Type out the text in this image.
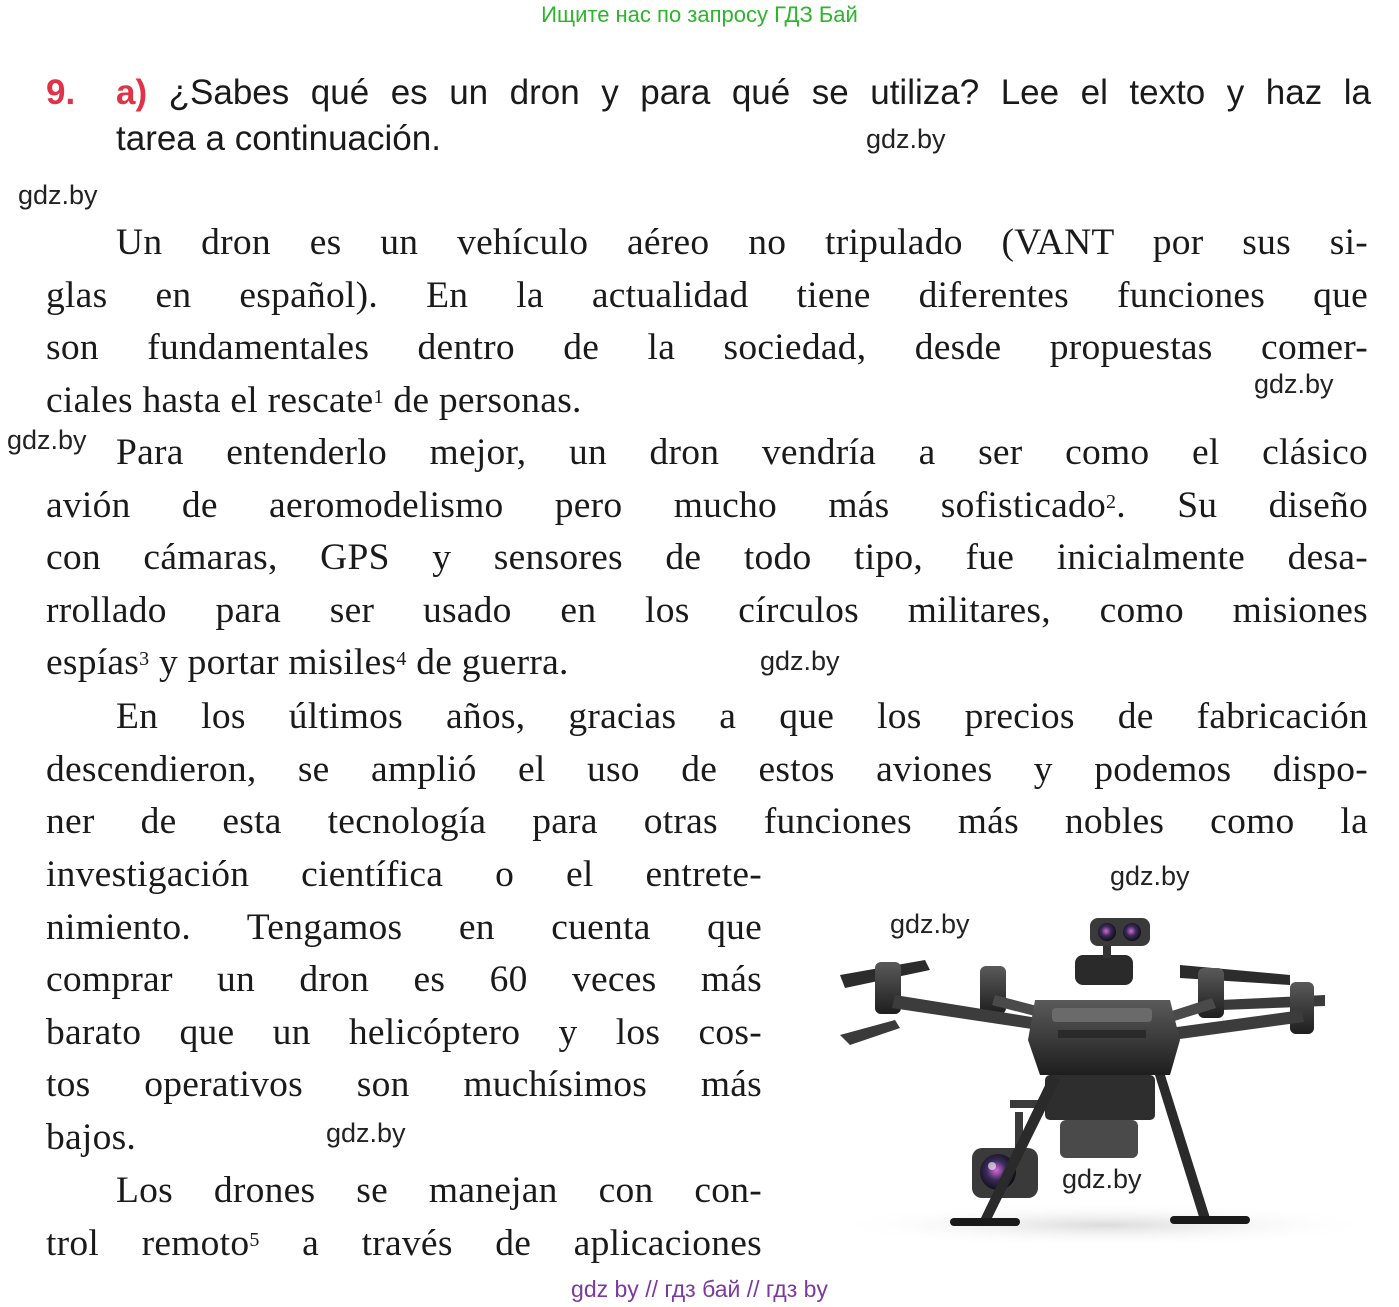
Ищите нас по запросу ГДЗ Бай
9. a) ¿Sabes qué es un dron y para qué se utiliza? Lee el texto y haz la
tarea a continuación.	gdz.by
gdz.by
gdz.by
gdz.by
gdz.by
gdz.by
gdz.by
gdz.by
Un dron es un vehículo aéreo no tripulado (VANT por sus si-
glas en español). En la actualidad tiene diferentes funciones que
son fundamentales dentro de la sociedad, desde propuestas comer-
ciales hasta el rescate$^1$ de personas.
Para entenderlo mejor, un dron vendría a ser como el clásico
avión de aeromodelismo pero mucho más sofisticado$^2$. Su diseño
con cámaras, GPS y sensores de todo tipo, fue inicialmente desa-
rrollado para ser usado en los círculos militares, como misiones
espías$^3$ y portar misiles$^4$ de guerra.
En los últimos años, gracias a que los precios de fabricación
descendieron, se amplió el uso de estos aviones y podemos dispo-
ner de esta tecnología para otras funciones más nobles como la
investigación científica o el entrete-
nimiento. Tengamos en cuenta que
comprar un dron es 60 veces más
barato que un helicóptero y los cos-
tos operativos son muchísimos más
bajos.
Los drones se manejan con con-
trol remoto$^5$ a través de aplicaciones
gdz.by
gdz by // гдз бай // гдз by
